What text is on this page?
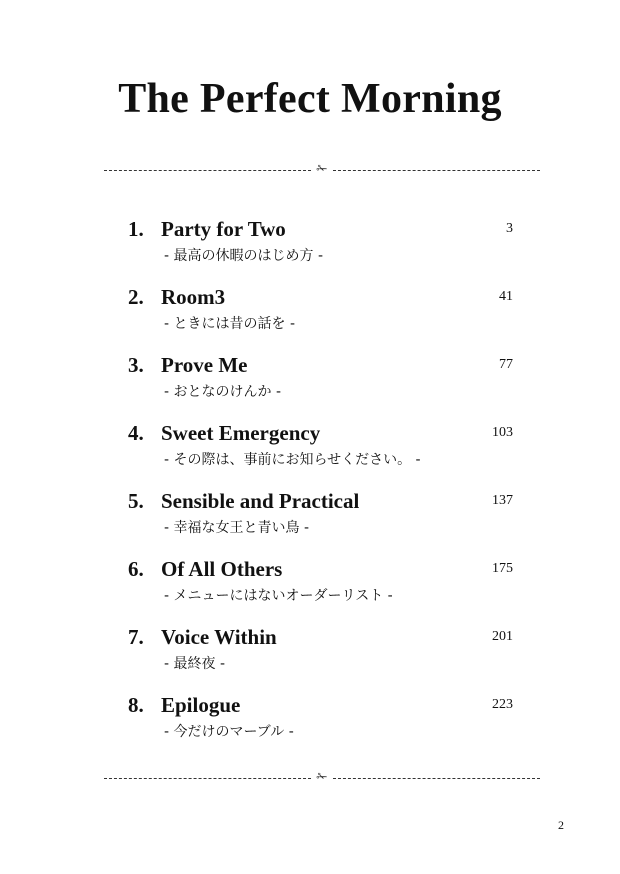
The Perfect Morning
✁
1. Party for Two	3
- 最高の休暇のはじめ方 -
2. Room3	41
- ときには昔の話を -
3. Prove Me	77
- おとなのけんか -
4. Sweet Emergency	103
- その際は、事前にお知らせください。 -
5. Sensible and Practical	137
- 幸福な女王と青い鳥 -
6. Of All Others	175
- メニューにはないオーダーリスト -
7. Voice Within	201
- 最終夜 -
8. Epilogue	223
- 今だけのマーブル -
✁
2
